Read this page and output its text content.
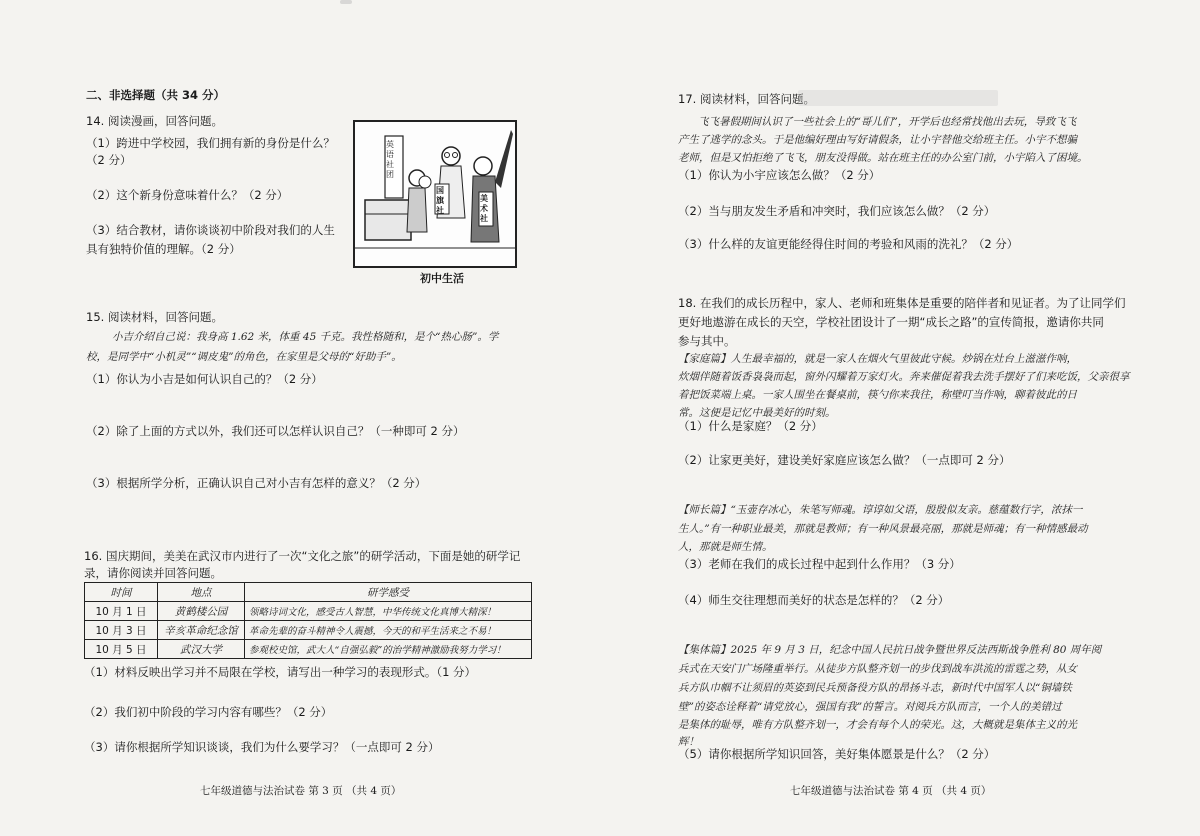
二、非选择题（共 34 分）
14. 阅读漫画，回答问题。
（1）跨进中学校园，我们拥有新的身份是什么？
（2 分）
（2）这个新身份意味着什么？（2 分）
（3）结合教材，请你谈谈初中阶段对我们的人生
具有独特价值的理解。（2 分）
英语社团
国旗社
美术社
初中生活
15. 阅读材料，回答问题。
小吉介绍自己说：我身高 1.62 米，体重 45 千克。我性格随和，是个“热心肠”。学
校，是同学中“小机灵”“调皮鬼”的角色，在家里是父母的“好助手”。
（1）你认为小吉是如何认识自己的？（2 分）
（2）除了上面的方式以外，我们还可以怎样认识自己？（一种即可 2 分）
（3）根据所学分析，正确认识自己对小吉有怎样的意义？（2 分）
16. 国庆期间，美美在武汉市内进行了一次“文化之旅”的研学活动，下面是她的研学记
录，请你阅读并回答问题。
时间	地点	研学感受
10 月 1 日	黄鹤楼公园	领略诗词文化，感受古人智慧，中华传统文化真博大精深！
10 月 3 日	辛亥革命纪念馆	革命先辈的奋斗精神令人震撼，今天的和平生活来之不易！
10 月 5 日	武汉大学	参观校史馆，武大人“自强弘毅”的治学精神激励我努力学习！
（1）材料反映出学习并不局限在学校，请写出一种学习的表现形式。（1 分）
（2）我们初中阶段的学习内容有哪些？（2 分）
（3）请你根据所学知识谈谈，我们为什么要学习？（一点即可 2 分）
七年级道德与法治试卷 第 3 页 （共 4 页）
17. 阅读材料，回答问题。
飞飞暑假期间认识了一些社会上的“哥儿们”，开学后也经常找他出去玩，导致飞飞
产生了逃学的念头。于是他编好理由写好请假条，让小宇替他交给班主任。小宇不想骗
老师，但是又怕拒绝了飞飞，朋友没得做。站在班主任的办公室门前，小宇陷入了困境。
（1）你认为小宇应该怎么做？（2 分）
（2）当与朋友发生矛盾和冲突时，我们应该怎么做？（2 分）
（3）什么样的友谊更能经得住时间的考验和风雨的洗礼？（2 分）
18. 在我们的成长历程中，家人、老师和班集体是重要的陪伴者和见证者。为了让同学们
更好地遨游在成长的天空，学校社团设计了一期“成长之路”的宣传简报，邀请你共同
参与其中。
【家庭篇】人生最幸福的，就是一家人在烟火气里彼此守候。炒锅在灶台上滋滋作响，
炊烟伴随着饭香袅袅而起，窗外闪耀着万家灯火。奔来催促着我去洗手摆好了们来吃饭，父亲很享
着把饭菜端上桌。一家人围坐在餐桌前，筷勺你来我往，称壁叮当作响，聊着彼此的日
常。这便是记忆中最美好的时刻。
（1）什么是家庭？（2 分）
（2）让家更美好，建设美好家庭应该怎么做？（一点即可 2 分）
【师长篇】“玉壶存冰心，朱笔写师魂。谆谆如父语，殷殷似友亲。慈蕴数行字，浓抹一
生人。”有一种职业最美，那就是教师；有一种风景最亮丽，那就是师魂；有一种情感最动
人，那就是师生情。
（3）老师在我们的成长过程中起到什么作用？（3 分）
（4）师生交往理想而美好的状态是怎样的？（2 分）
【集体篇】2025 年 9 月 3 日，纪念中国人民抗日战争暨世界反法西斯战争胜利 80 周年阅
兵式在天安门广场隆重举行。从徒步方队整齐划一的步伐到战车洪流的雷霆之势，从女
兵方队巾帼不让须眉的英姿到民兵预备役方队的昂扬斗志，新时代中国军人以“铜墙铁
壁”的姿态诠释着“请党放心，强国有我”的誓言。对阅兵方队而言，一个人的美错过
是集体的耻辱，唯有方队整齐划一，才会有每个人的荣光。这，大概就是集体主义的光
辉！
（5）请你根据所学知识回答，美好集体愿景是什么？（2 分）
七年级道德与法治试卷 第 4 页 （共 4 页）
